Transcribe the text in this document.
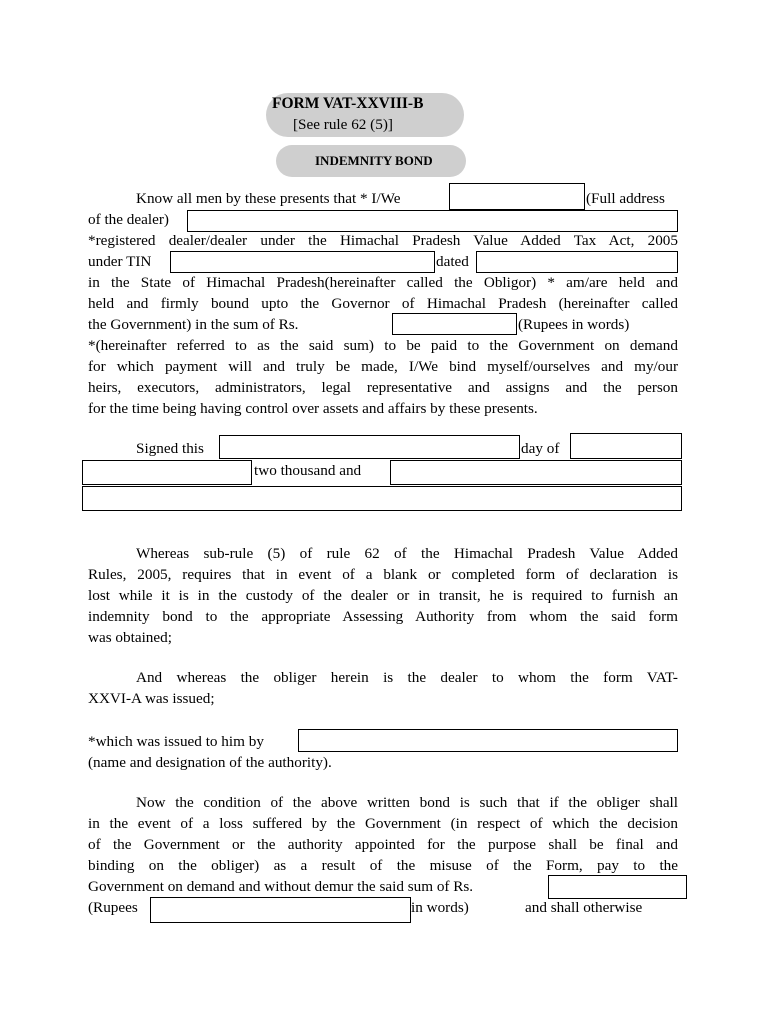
FORM VAT-XXVIII-B
[See rule 62 (5)]
INDEMNITY BOND
Know all men by these presents that * I/We	(Full address
of the dealer)
*registered dealer/dealer under the Himachal Pradesh Value Added Tax Act, 2005
under TIN	dated
in the State of Himachal Pradesh(hereinafter called the Obligor) * am/are held and
held and firmly bound upto the Governor of Himachal Pradesh (hereinafter called
the Government) in the sum of Rs.	(Rupees in words)
*(hereinafter referred to as the said sum) to be paid to the Government on demand
for which payment will and truly be made, I/We bind myself/ourselves and my/our
heirs, executors, administrators, legal representative and assigns and the person
for the time being having control over assets and affairs by these presents.
Signed this	day of
two thousand and
Whereas sub-rule (5) of rule 62 of the Himachal Pradesh Value Added
Rules, 2005, requires that in event of a blank or completed form of declaration is
lost while it is in the custody of the dealer or in transit, he is required to furnish an
indemnity bond to the appropriate Assessing Authority from whom the said form
was obtained;
And whereas the obliger herein is the dealer to whom the form VAT-
XXVI-A was issued;
*which was issued to him by
(name and designation of the authority).
Now the condition of the above written bond is such that if the obliger shall
in the event of a loss suffered by the Government (in respect of which the decision
of the Government or the authority appointed for the purpose shall be final and
binding on the obliger) as a result of the misuse of the Form, pay to the
Government on demand and without demur the said sum of Rs.
(Rupees	in words)	and shall otherwise
